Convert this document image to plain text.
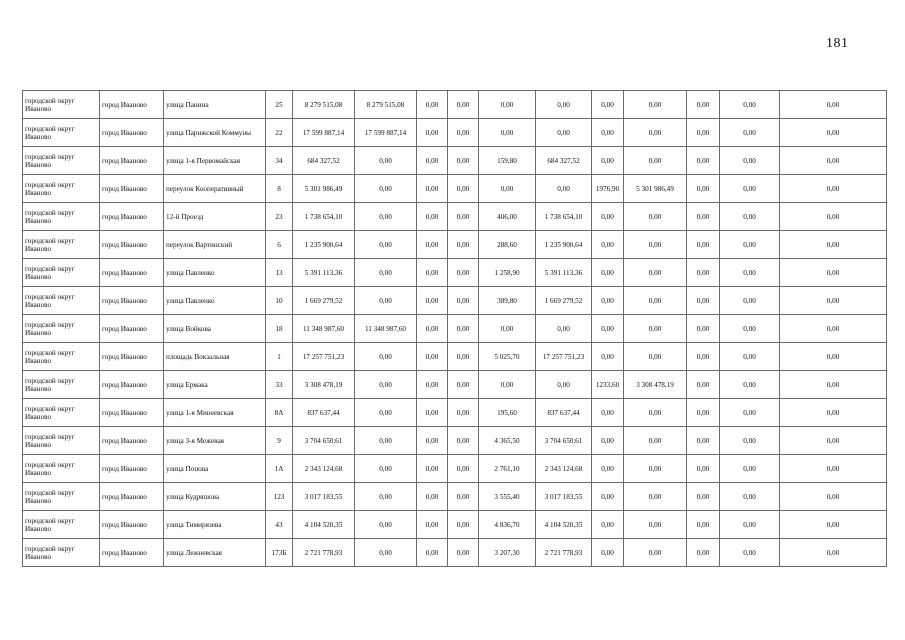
181
городской округ Иваново	город Иваново	улица Панина	25	8 279 515,08	8 279 515,08	0,00	0,00	0,00	0,00	0,00	0,00	0,00	0,00	0,00
городской округ Иваново	город Иваново	улица Парижской Коммуны	22	17 599 887,14	17 599 887,14	0,00	0,00	0,00	0,00	0,00	0,00	0,00	0,00	0,00
городской округ Иваново	город Иваново	улица 1-я Первомайская	34	684 327,52	0,00	0,00	0,00	159,80	684 327,52	0,00	0,00	0,00	0,00	0,00
городской округ Иваново	город Иваново	переулок Кооперативный	8	5 301 986,49	0,00	0,00	0,00	0,00	0,00	1976,90	5 301 986,49	0,00	0,00	0,00
городской округ Иваново	город Иваново	12-й Проезд	23	1 738 654,10	0,00	0,00	0,00	406,00	1 738 654,10	0,00	0,00	0,00	0,00	0,00
городской округ Иваново	город Иваново	переулок Вартинский	6	1 235 900,64	0,00	0,00	0,00	288,60	1 235 900,64	0,00	0,00	0,00	0,00	0,00
городской округ Иваново	город Иваново	улица Павленко	13	5 391 113,36	0,00	0,00	0,00	1 258,90	5 391 113,36	0,00	0,00	0,00	0,00	0,00
городской округ Иваново	город Иваново	улица Павленко	10	1 669 279,52	0,00	0,00	0,00	389,80	1 669 279,52	0,00	0,00	0,00	0,00	0,00
городской округ Иваново	город Иваново	улица Войкова	18	11 348 987,60	11 348 987,60	0,00	0,00	0,00	0,00	0,00	0,00	0,00	0,00	0,00
городской округ Иваново	город Иваново	площадь Вокзальная	1	17 257 751,23	0,00	0,00	0,00	5 025,70	17 257 751,23	0,00	0,00	0,00	0,00	0,00
городской округ Иваново	город Иваново	улица Ермака	33	3 308 478,19	0,00	0,00	0,00	0,00	0,00	1233,60	3 308 478,19	0,00	0,00	0,00
городской округ Иваново	город Иваново	улица 1-я Минеевская	8А	837 637,44	0,00	0,00	0,00	195,60	837 637,44	0,00	0,00	0,00	0,00	0,00
городской округ Иваново	город Иваново	улица 3-я Межевая	9	3 704 650,61	0,00	0,00	0,00	4 365,50	3 704 650,61	0,00	0,00	0,00	0,00	0,00
городской округ Иваново	город Иваново	улица Попова	1А	2 343 124,68	0,00	0,00	0,00	2 761,10	2 343 124,68	0,00	0,00	0,00	0,00	0,00
городской округ Иваново	город Иваново	улица Кудряшова	123	3 017 183,55	0,00	0,00	0,00	3 555,40	3 017 183,55	0,00	0,00	0,00	0,00	0,00
городской округ Иваново	город Иваново	улица Тимирязева	43	4 104 520,35	0,00	0,00	0,00	4 836,70	4 104 520,35	0,00	0,00	0,00	0,00	0,00
городской округ Иваново	город Иваново	улица Лежневская	173Б	2 721 778,93	0,00	0,00	0,00	3 207,30	2 721 778,93	0,00	0,00	0,00	0,00	0,00
